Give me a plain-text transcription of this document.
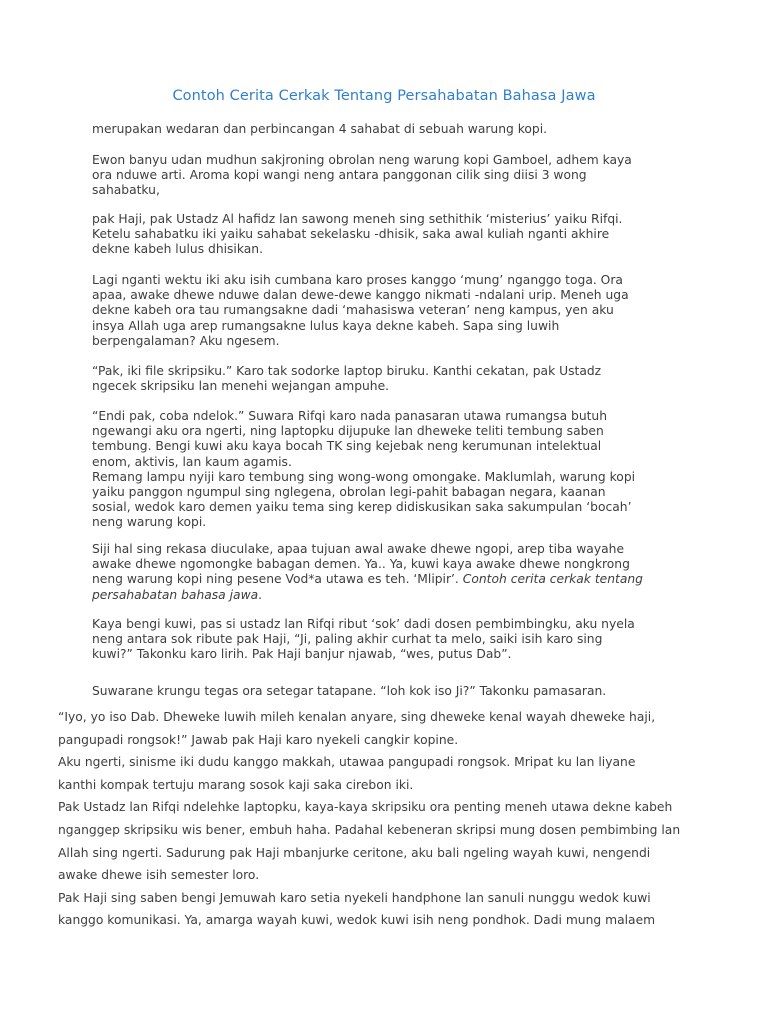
Contoh Cerita Cerkak Tentang Persahabatan Bahasa Jawa

merupakan wedaran dan perbincangan 4 sahabat di sebuah warung kopi.

Ewon banyu udan mudhun sakjroning obrolan neng warung kopi Gamboel, adhem kaya
ora nduwe arti. Aroma kopi wangi neng antara panggonan cilik sing diisi 3 wong
sahabatku,

pak Haji, pak Ustadz Al hafidz lan sawong meneh sing sethithik ‘misterius’ yaiku Rifqi.
Ketelu sahabatku iki yaiku sahabat sekelasku -dhisik, saka awal kuliah nganti akhire
dekne kabeh lulus dhisikan.

Lagi nganti wektu iki aku isih cumbana karo proses kanggo ‘mung’ nganggo toga. Ora
apaa, awake dhewe nduwe dalan dewe-dewe kanggo nikmati -ndalani urip. Meneh uga
dekne kabeh ora tau rumangsakne dadi ‘mahasiswa veteran’ neng kampus, yen aku
insya Allah uga arep rumangsakne lulus kaya dekne kabeh. Sapa sing luwih
berpengalaman? Aku ngesem.

“Pak, iki file skripsiku.” Karo tak sodorke laptop biruku. Kanthi cekatan, pak Ustadz
ngecek skripsiku lan menehi wejangan ampuhe.

“Endi pak, coba ndelok.” Suwara Rifqi karo nada panasaran utawa rumangsa butuh
ngewangi aku ora ngerti, ning laptopku dijupuke lan dheweke teliti tembung saben
tembung. Bengi kuwi aku kaya bocah TK sing kejebak neng kerumunan intelektual
enom, aktivis, lan kaum agamis.
Remang lampu nyiji karo tembung sing wong-wong omongake. Maklumlah, warung kopi
yaiku panggon ngumpul sing nglegena, obrolan legi-pahit babagan negara, kaanan
sosial, wedok karo demen yaiku tema sing kerep didiskusikan saka sakumpulan ‘bocah’
neng warung kopi.

Siji hal sing rekasa diuculake, apaa tujuan awal awake dhewe ngopi, arep tiba wayahe
awake dhewe ngomongke babagan demen. Ya.. Ya, kuwi kaya awake dhewe nongkrong
neng warung kopi ning pesene Vod*a utawa es teh. ‘Mlipir’. Contoh cerita cerkak tentang
persahabatan bahasa jawa.

Kaya bengi kuwi, pas si ustadz lan Rifqi ribut ‘sok’ dadi dosen pembimbingku, aku nyela
neng antara sok ribute pak Haji, “Ji, paling akhir curhat ta melo, saiki isih karo sing
kuwi?” Takonku karo lirih. Pak Haji banjur njawab, “wes, putus Dab”.

Suwarane krungu tegas ora setegar tatapane. “loh kok iso Ji?” Takonku pamasaran.

“Iyo, yo iso Dab. Dheweke luwih mileh kenalan anyare, sing dheweke kenal wayah dheweke haji,
pangupadi rongsok!” Jawab pak Haji karo nyekeli cangkir kopine.
Aku ngerti, sinisme iki dudu kanggo makkah, utawaa pangupadi rongsok. Mripat ku lan liyane
kanthi kompak tertuju marang sosok kaji saka cirebon iki.
Pak Ustadz lan Rifqi ndelehke laptopku, kaya-kaya skripsiku ora penting meneh utawa dekne kabeh
nganggep skripsiku wis bener, embuh haha. Padahal kebeneran skripsi mung dosen pembimbing lan
Allah sing ngerti. Sadurung pak Haji mbanjurke ceritone, aku bali ngeling wayah kuwi, nengendi
awake dhewe isih semester loro.
Pak Haji sing saben bengi Jemuwah karo setia nyekeli handphone lan sanuli nunggu wedok kuwi
kanggo komunikasi. Ya, amarga wayah kuwi, wedok kuwi isih neng pondhok. Dadi mung malaem
